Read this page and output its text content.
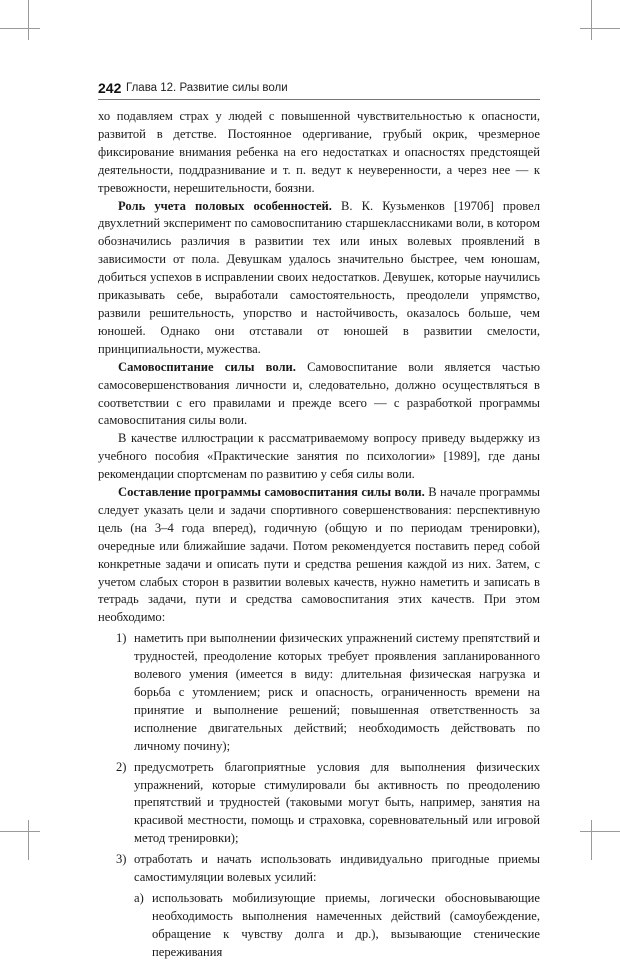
242 Глава 12. Развитие силы воли

хо подавляем страх у людей с повышенной чувствительностью к опасности, развитой в детстве. Постоянное одергивание, грубый окрик, чрезмерное фиксирование внимания ребенка на его недостатках и опасностях предстоящей деятельности, поддразнивание и т. п. ведут к неуверенности, а через нее — к тревожности, нерешительности, боязни.

Роль учета половых особенностей. В. К. Кузьменков [1970б] провел двухлетний эксперимент по самовоспитанию старшеклассниками воли, в котором обозначились различия в развитии тех или иных волевых проявлений в зависимости от пола. Девушкам удалось значительно быстрее, чем юношам, добиться успехов в исправлении своих недостатков. Девушек, которые научились приказывать себе, выработали самостоятельность, преодолели упрямство, развили решительность, упорство и настойчивость, оказалось больше, чем юношей. Однако они отставали от юношей в развитии смелости, принципиальности, мужества.

Самовоспитание силы воли. Самовоспитание воли является частью самосовершенствования личности и, следовательно, должно осуществляться в соответствии с его правилами и прежде всего — с разработкой программы самовоспитания силы воли.

В качестве иллюстрации к рассматриваемому вопросу приведу выдержку из учебного пособия «Практические занятия по психологии» [1989], где даны рекомендации спортсменам по развитию у себя силы воли.

Составление программы самовоспитания силы воли. В начале программы следует указать цели и задачи спортивного совершенствования: перспективную цель (на 3–4 года вперед), годичную (общую и по периодам тренировки), очередные или ближайшие задачи. Потом рекомендуется поставить перед собой конкретные задачи и описать пути и средства решения каждой из них. Затем, с учетом слабых сторон в развитии волевых качеств, нужно наметить и записать в тетрадь задачи, пути и средства самовоспитания этих качеств. При этом необходимо:

1) наметить при выполнении физических упражнений систему препятствий и трудностей, преодоление которых требует проявления запланированного волевого умения (имеется в виду: длительная физическая нагрузка и борьба с утомлением; риск и опасность, ограниченность времени на принятие и выполнение решений; повышенная ответственность за исполнение двигательных действий; необходимость действовать по личному почину);
2) предусмотреть благоприятные условия для выполнения физических упражнений, которые стимулировали бы активность по преодолению препятствий и трудностей (таковыми могут быть, например, занятия на красивой местности, помощь и страховка, соревновательный или игровой метод тренировки);
3) отработать и начать использовать индивидуально пригодные приемы самостимуляции волевых усилий:
а) использовать мобилизующие приемы, логически обосновывающие необходимость выполнения намеченных действий (самоубеждение, обращение к чувству долга и др.), вызывающие стенические переживания
